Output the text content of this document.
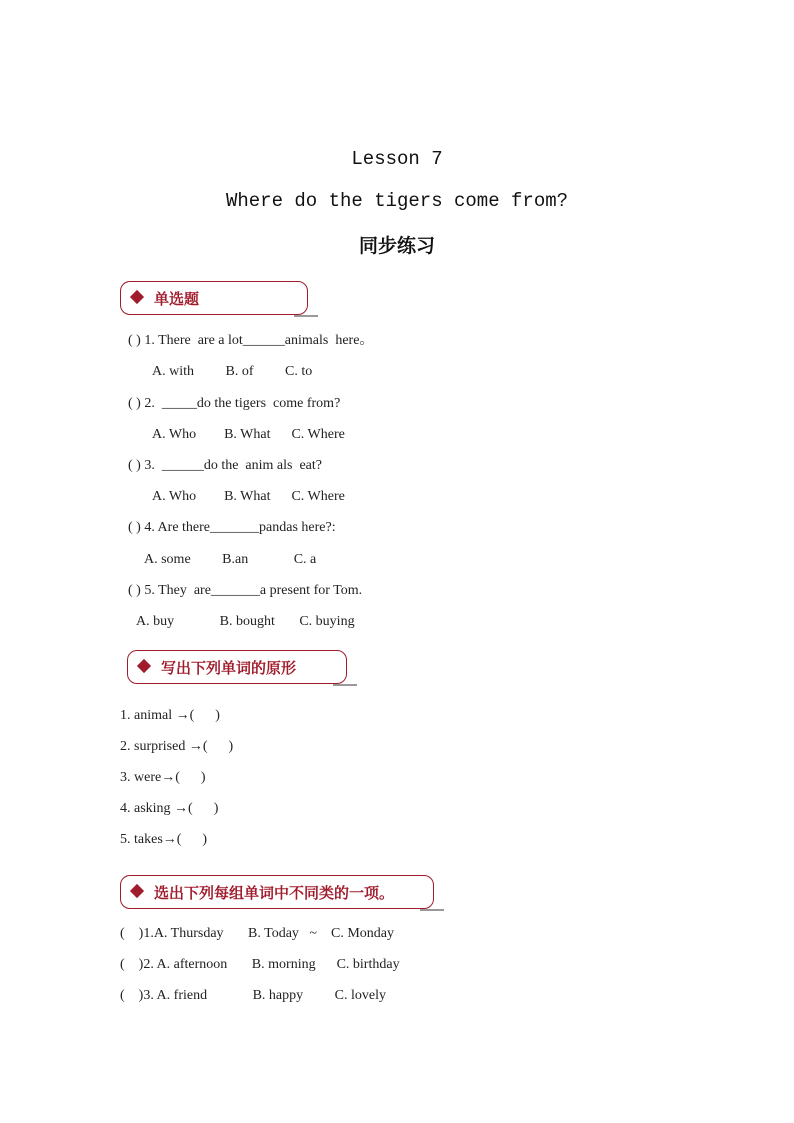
Lesson 7
Where do the tigers come from?
同步练习
单选题
( ) 1. There  are a lot______animals  here。
A. with         B. of         C. to
( ) 2.  _____do the tigers  come from?
A. Who        B. What      C. Where
( ) 3.  ______do the  anim als  eat?
A. Who        B. What      C. Where
( ) 4. Are there_______pandas here?:
A. some         B.an             C. a
( ) 5. They  are_______a present for Tom.
A. buy             B. bought       C. buying
写出下列单词的原形
1. animal →(      )
2. surprised →(      )
3. were→(      )
4. asking →(      )
5. takes→(      )
选出下列每组单词中不同类的一项。
(    )1.A. Thursday       B. Today   ~    C. Monday
(    )2. A. afternoon       B. morning      C. birthday
(    )3. A. friend             B. happy         C. lovely
